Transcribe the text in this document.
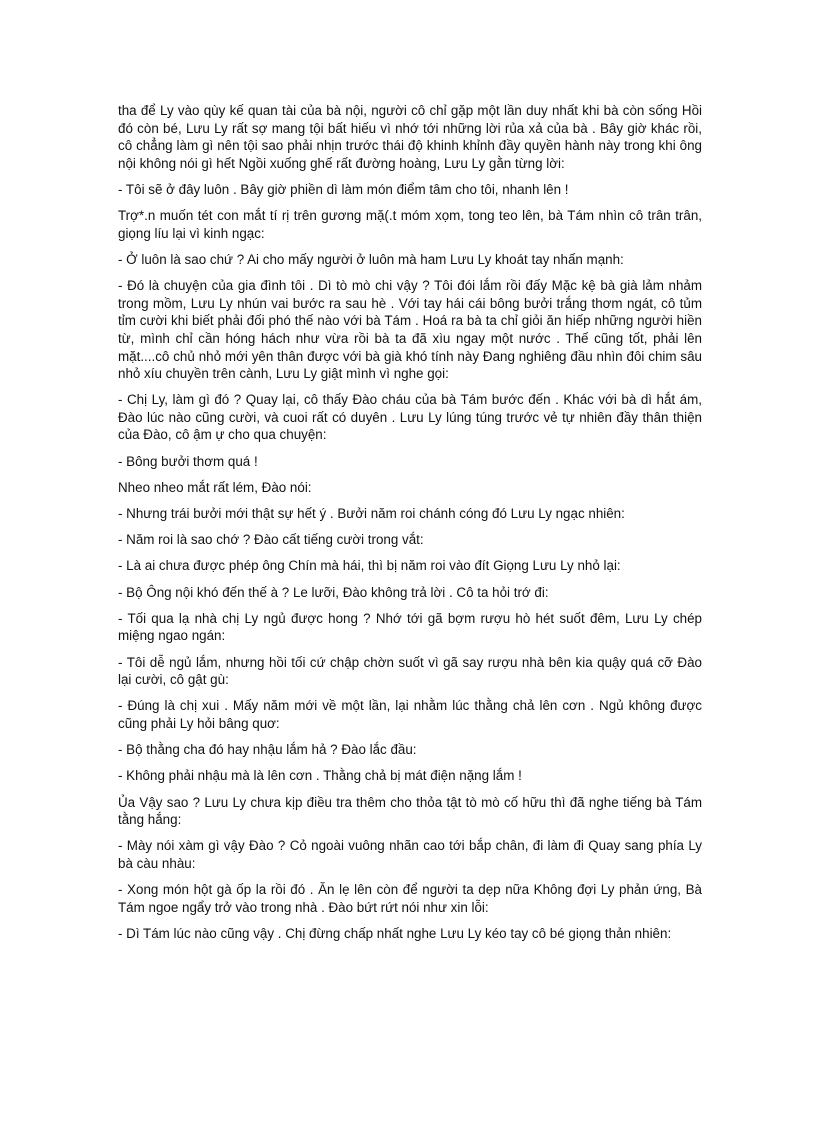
tha để Ly vào qùy kế quan tài của bà nội, người cô chỉ gặp một lần duy nhất khi bà còn sống Hồi đó còn bé, Lưu Ly rất sợ mang tội bất hiếu vì nhớ tới những lời rủa xả của bà . Bây giờ khác rồi, cô chẳng làm gì nên tội sao phải nhịn trước thái độ khinh khỉnh đầy quyền hành này trong khi ông nội không nói gì hết Ngồi xuống ghế rất đường hoàng, Lưu Ly gằn từng lời:

- Tôi sẽ ở đây luôn . Bây giờ phiền dì làm món điểm tâm cho tôi, nhanh lên !

Trợ*.n muốn tét con mắt tí rị trên gương mặ(.t móm xọm, tong teo lên, bà Tám nhìn cô trân trân, giọng líu lại vì kinh ngạc:

- Ở luôn là sao chứ ? Ai cho mấy người ở luôn mà ham Lưu Ly khoát tay nhấn mạnh:

- Đó là chuyện của gia đình tôi . Dì tò mò chi vậy ? Tôi đói lắm rồi đấy Mặc kệ bà già lảm nhảm trong mồm, Lưu Ly nhún vai bước ra sau hè . Với tay hái cái bông bưởi trắng thơm ngát, cô tủm tỉm cười khi biết phải đối phó thế nào với bà Tám . Hoá ra bà ta chỉ giỏi ăn hiếp những người hiền từ, mình chỉ cần hóng hách như vừa rồi bà ta đã xìu ngay một nước . Thế cũng tốt, phải lên mặt....cô chủ nhỏ mới yên thân được với bà già khó tính này Đang nghiêng đầu nhìn đôi chim sâu nhỏ xíu chuyền trên cành, Lưu Ly giật mình vì nghe gọi:

- Chị Ly, làm gì đó ? Quay lại, cô thấy Đào cháu của bà Tám bước đến . Khác với bà dì hắt ám, Đào lúc nào cũng cười, và cuoi rất có duyên . Lưu Ly lúng túng trước vẻ tự nhiên đầy thân thiện của Đào, cô ậm ự cho qua chuyện:

- Bông bưởi thơm quá !

Nheo nheo mắt rất lém, Đào nói:

- Nhưng trái bưởi mới thật sự hết ý . Bưởi năm roi chánh cóng đó Lưu Ly ngạc nhiên:

- Năm roi là sao chớ ? Đào cất tiếng cười trong vắt:

- Là ai chưa được phép ông Chín mà hái, thì bị năm roi vào đít Giọng Lưu Ly nhỏ lại:

- Bộ Ông nội khó đến thế à ? Le lưỡi, Đào không trả lời . Cô ta hỏi trớ đi:

- Tối qua lạ nhà chị Ly ngủ được hong ? Nhớ tới gã bợm rượu hò hét suốt đêm, Lưu Ly chép miệng ngao ngán:

- Tôi dễ ngủ lắm, nhưng hồi tối cứ chập chờn suốt vì gã say rượu nhà bên kia quậy quá cỡ Đào lại cười, cô gật gù:

- Đúng là chị xui . Mấy năm mới về một lần, lại nhằm lúc thằng chả lên cơn . Ngủ không được cũng phải Ly hỏi bâng quơ:

- Bộ thằng cha đó hay nhậu lắm hả ? Đào lắc đầu:

- Không phải nhậu mà là lên cơn . Thằng chả bị mát điện nặng lắm !

Ủa Vậy sao ? Lưu Ly chưa kịp điều tra thêm cho thỏa tật tò mò cố hữu thì đã nghe tiếng bà Tám tằng hắng:

- Mày nói xàm gì vậy Đào ? Cỏ ngoài vuông nhãn cao tới bắp chân, đi làm đi Quay sang phía Ly bà càu nhàu:

- Xong món hột gà ốp la rồi đó . Ăn lẹ lên còn để người ta dẹp nữa Không đợi Ly phản ứng, Bà Tám ngoe ngẩy trở vào trong nhà . Đào bứt rứt nói như xin lỗi:

- Dì Tám lúc nào cũng vậy . Chị đừng chấp nhất nghe Lưu Ly kéo tay cô bé giọng thản nhiên:
